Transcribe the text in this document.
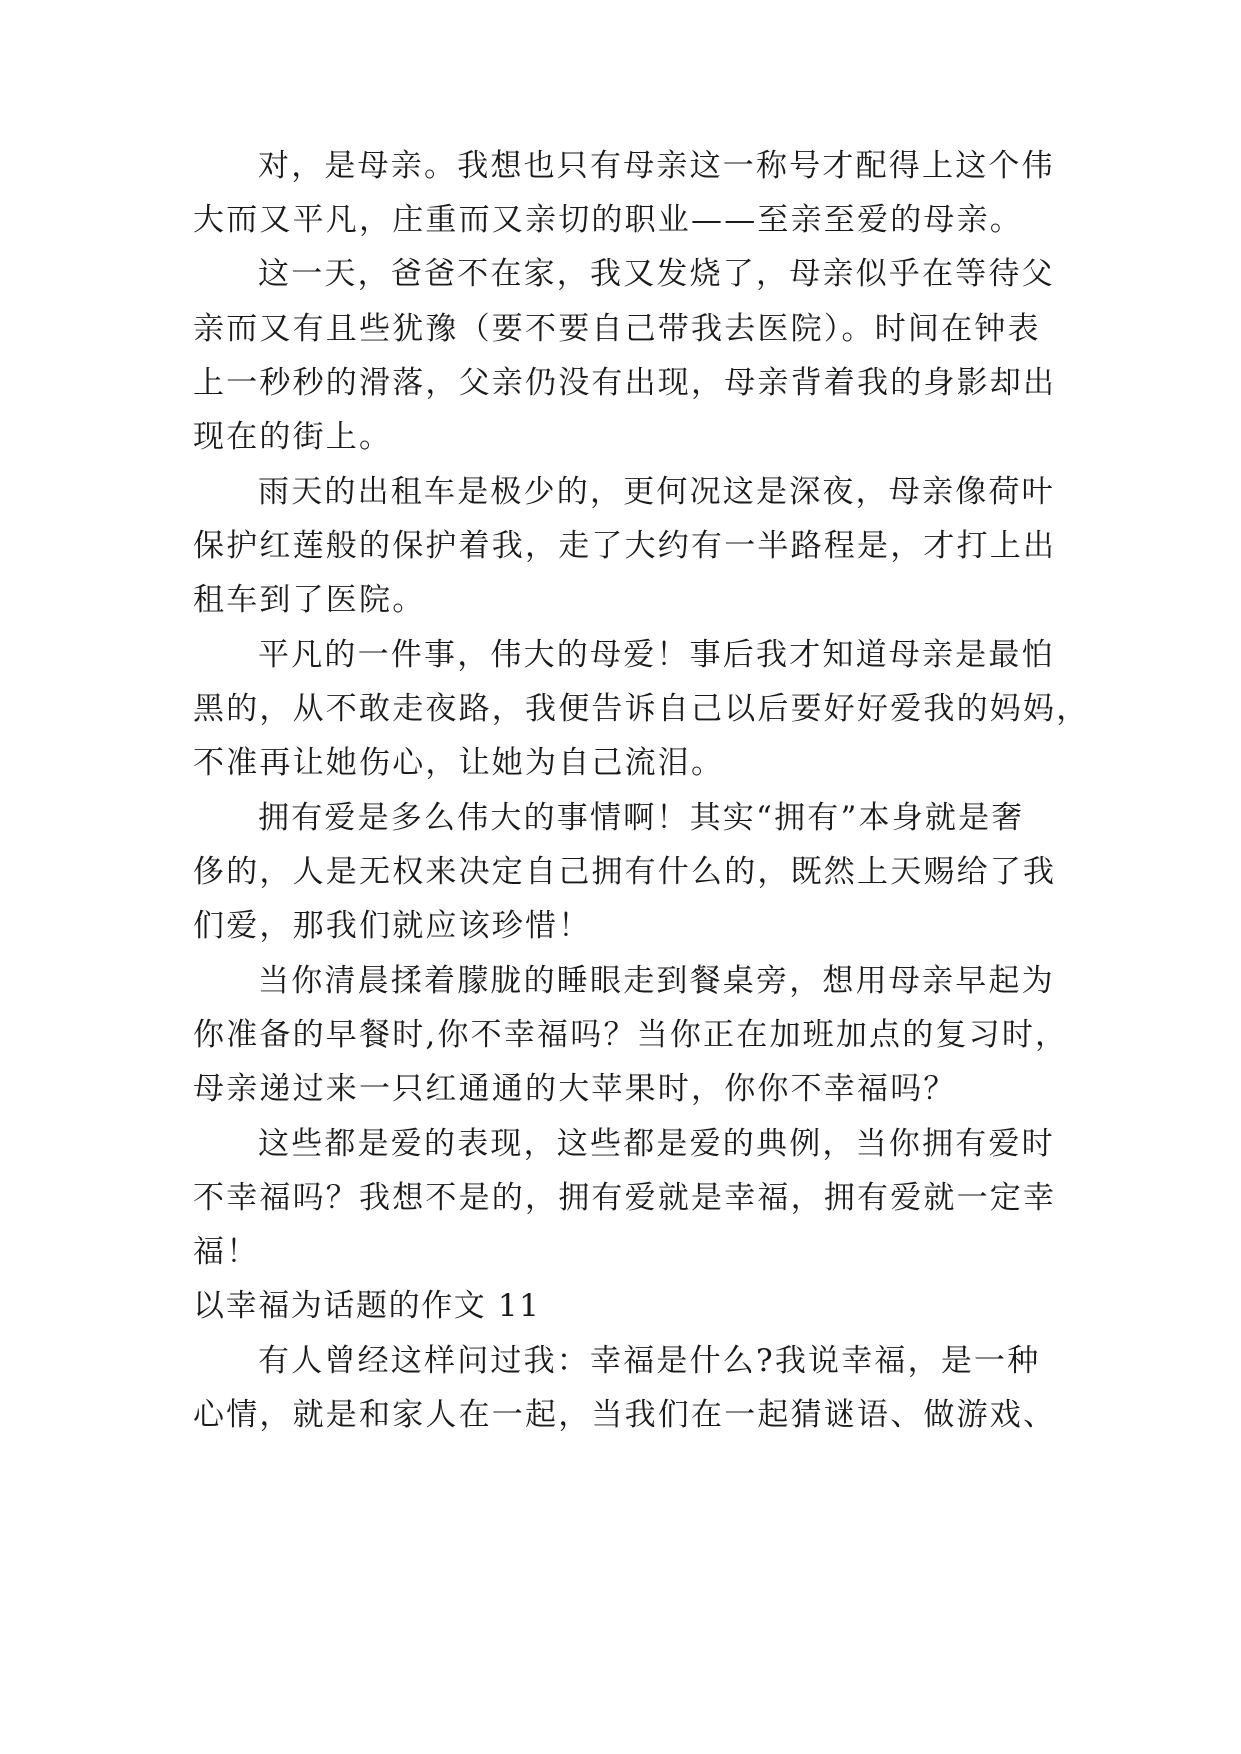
对，是母亲。我想也只有母亲这一称号才配得上这个伟
大而又平凡，庄重而又亲切的职业——至亲至爱的母亲。
这一天，爸爸不在家，我又发烧了，母亲似乎在等待父
亲而又有且些犹豫（要不要自己带我去医院）。时间在钟表
上一秒秒的滑落，父亲仍没有出现，母亲背着我的身影却出
现在的街上。
雨天的出租车是极少的，更何况这是深夜，母亲像荷叶
保护红莲般的保护着我，走了大约有一半路程是，才打上出
租车到了医院。
平凡的一件事，伟大的母爱！事后我才知道母亲是最怕
黑的，从不敢走夜路，我便告诉自己以后要好好爱我的妈妈，
不准再让她伤心，让她为自己流泪。
拥有爱是多么伟大的事情啊！其实“拥有”本身就是奢
侈的，人是无权来决定自己拥有什么的，既然上天赐给了我
们爱，那我们就应该珍惜！
当你清晨揉着朦胧的睡眼走到餐桌旁，想用母亲早起为
你准备的早餐时,你不幸福吗？当你正在加班加点的复习时，
母亲递过来一只红通通的大苹果时，你你不幸福吗？
这些都是爱的表现，这些都是爱的典例，当你拥有爱时
不幸福吗？我想不是的，拥有爱就是幸福，拥有爱就一定幸
福！
以幸福为话题的作文 11
有人曾经这样问过我：幸福是什么?我说幸福，是一种
心情，就是和家人在一起，当我们在一起猜谜语、做游戏、
